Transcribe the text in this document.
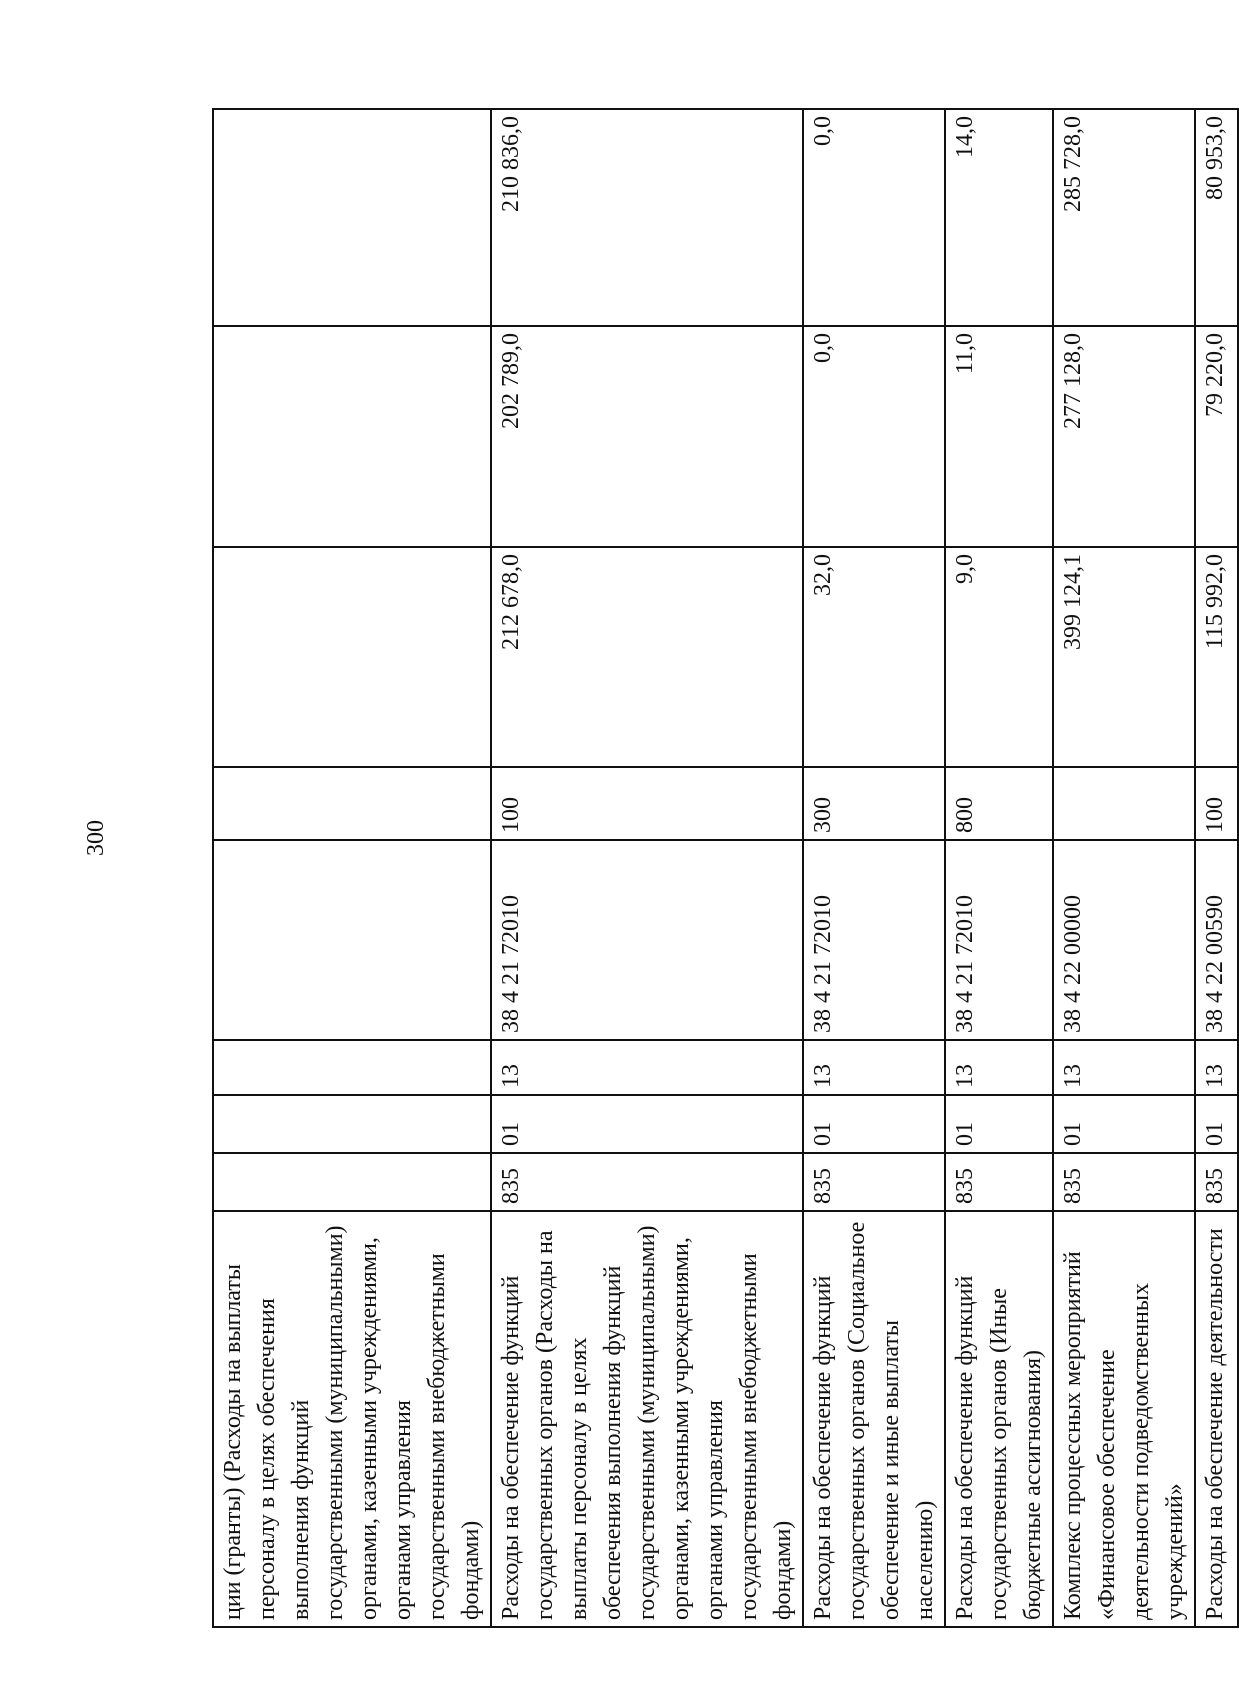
300
ции (гранты) (Расходы на выплаты персоналу в целях обеспечения выполнения функций государственными (муниципальными) органами, казенными учреждениями, органами управления государственными внебюджетными фондами)								

Расходы на обеспечение функций государственных органов (Расходы на выплаты персоналу в целях обеспечения выполнения функций государственными (муниципальными) органами, казенными учреждениями, органами управления государственными внебюджетными фондами)	835	01	13	38 4 21 72010	100	212 678,0	202 789,0	210 836,0

Расходы на обеспечение функций государственных органов (Социальное обеспечение и иные выплаты населению)	835	01	13	38 4 21 72010	300	32,0	0,0	0,0

Расходы на обеспечение функций государственных органов (Иные бюджетные ассигнования)	835	01	13	38 4 21 72010	800	9,0	11,0	14,0

Комплекс процессных мероприятий «Финансовое обеспечение деятельности подведомственных учреждений»	835	01	13	38 4 22 00000		399 124,1	277 128,0	285 728,0

Расходы на обеспечение деятельности	835	01	13	38 4 22 00590	100	115 992,0	79 220,0	80 953,0
